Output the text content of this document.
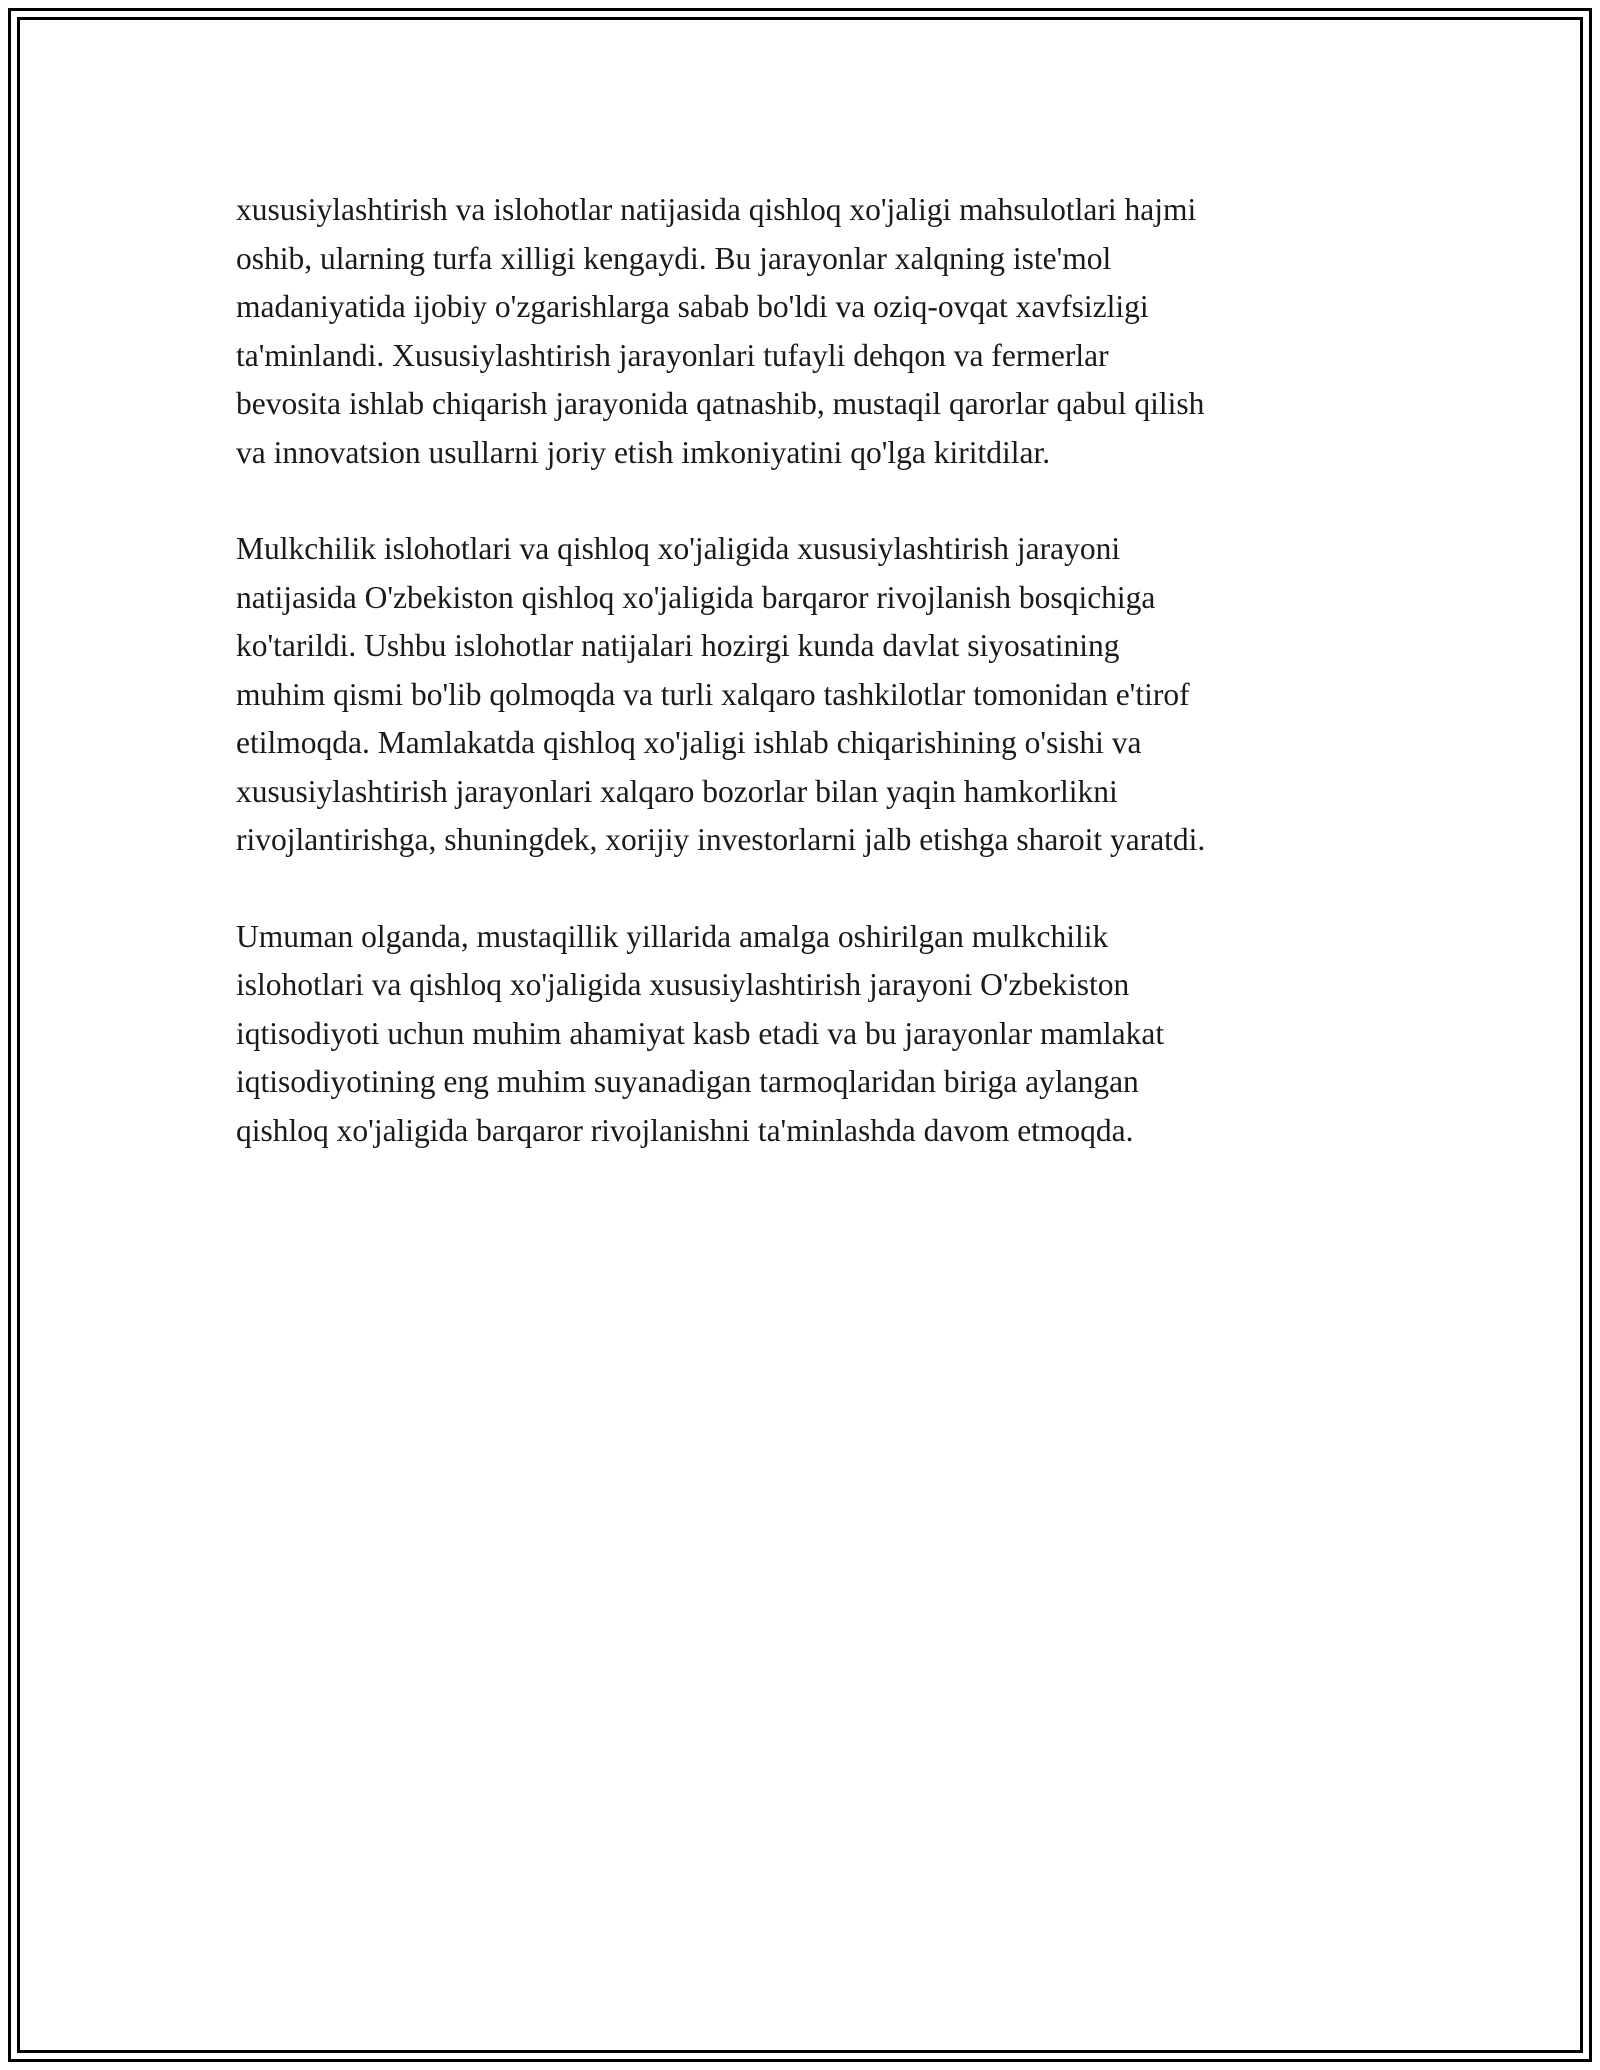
xususiylashtirish va islohotlar natijasida qishloq xo'jaligi mahsulotlari hajmi
oshib, ularning turfa xilligi kengaydi. Bu jarayonlar xalqning iste'mol
madaniyatida ijobiy o'zgarishlarga sabab bo'ldi va oziq-ovqat xavfsizligi
ta'minlandi. Xususiylashtirish jarayonlari tufayli dehqon va fermerlar
bevosita ishlab chiqarish jarayonida qatnashib, mustaqil qarorlar qabul qilish
va innovatsion usullarni joriy etish imkoniyatini qo'lga kiritdilar.

Mulkchilik islohotlari va qishloq xo'jaligida xususiylashtirish jarayoni
natijasida O'zbekiston qishloq xo'jaligida barqaror rivojlanish bosqichiga
ko'tarildi. Ushbu islohotlar natijalari hozirgi kunda davlat siyosatining
muhim qismi bo'lib qolmoqda va turli xalqaro tashkilotlar tomonidan e'tirof
etilmoqda. Mamlakatda qishloq xo'jaligi ishlab chiqarishining o'sishi va
xususiylashtirish jarayonlari xalqaro bozorlar bilan yaqin hamkorlikni
rivojlantirishga, shuningdek, xorijiy investorlarni jalb etishga sharoit yaratdi.

Umuman olganda, mustaqillik yillarida amalga oshirilgan mulkchilik
islohotlari va qishloq xo'jaligida xususiylashtirish jarayoni O'zbekiston
iqtisodiyoti uchun muhim ahamiyat kasb etadi va bu jarayonlar mamlakat
iqtisodiyotining eng muhim suyanadigan tarmoqlaridan biriga aylangan
qishloq xo'jaligida barqaror rivojlanishni ta'minlashda davom etmoqda.
